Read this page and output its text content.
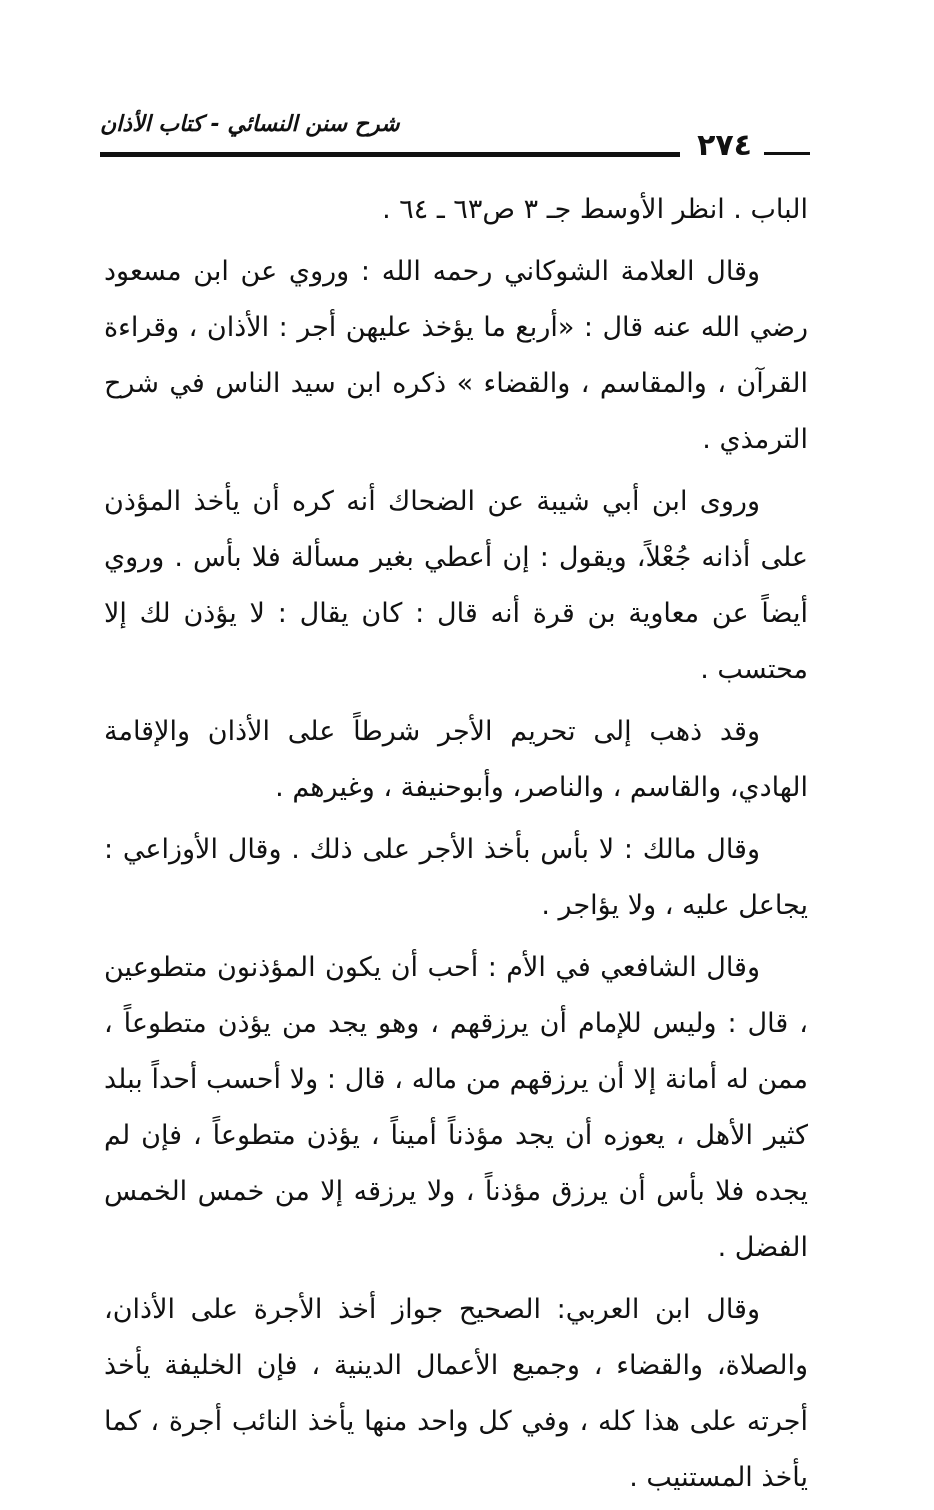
شرح سنن النسائي - كتاب الأذان
٢٧٤

الباب . انظر الأوسط جـ ٣ ص٦٣ ـ ٦٤ .

وقال العلامة الشوكاني رحمه الله : وروي عن ابن مسعود رضي الله عنه قال : «أربع ما يؤخذ عليهن أجر : الأذان ، وقراءة القرآن ، والمقاسم ، والقضاء » ذكره ابن سيد الناس في شرح الترمذي .

وروى ابن أبي شيبة عن الضحاك أنه كره أن يأخذ المؤذن على أذانه جُعْلاً، ويقول : إن أعطي بغير مسألة فلا بأس . وروي أيضاً عن معاوية بن قرة أنه قال : كان يقال : لا يؤذن لك إلا محتسب .

وقد ذهب إلى تحريم الأجر شرطاً على الأذان والإقامة الهادي، والقاسم ، والناصر، وأبوحنيفة ، وغيرهم .

وقال مالك : لا بأس بأخذ الأجر على ذلك . وقال الأوزاعي : يجاعل عليه ، ولا يؤاجر .

وقال الشافعي في الأم : أحب أن يكون المؤذنون متطوعين ، قال : وليس للإمام أن يرزقهم ، وهو يجد من يؤذن متطوعاً ، ممن له أمانة إلا أن يرزقهم من ماله ، قال : ولا أحسب أحداً ببلد كثير الأهل ، يعوزه أن يجد مؤذناً أميناً ، يؤذن متطوعاً ، فإن لم يجده فلا بأس أن يرزق مؤذناً ، ولا يرزقه إلا من خمس الخمس الفضل .

وقال ابن العربي: الصحيح جواز أخذ الأجرة على الأذان، والصلاة، والقضاء ، وجميع الأعمال الدينية ، فإن الخليفة يأخذ أجرته على هذا كله ، وفي كل واحد منها يأخذ النائب أجرة ، كما يأخذ المستنيب .
